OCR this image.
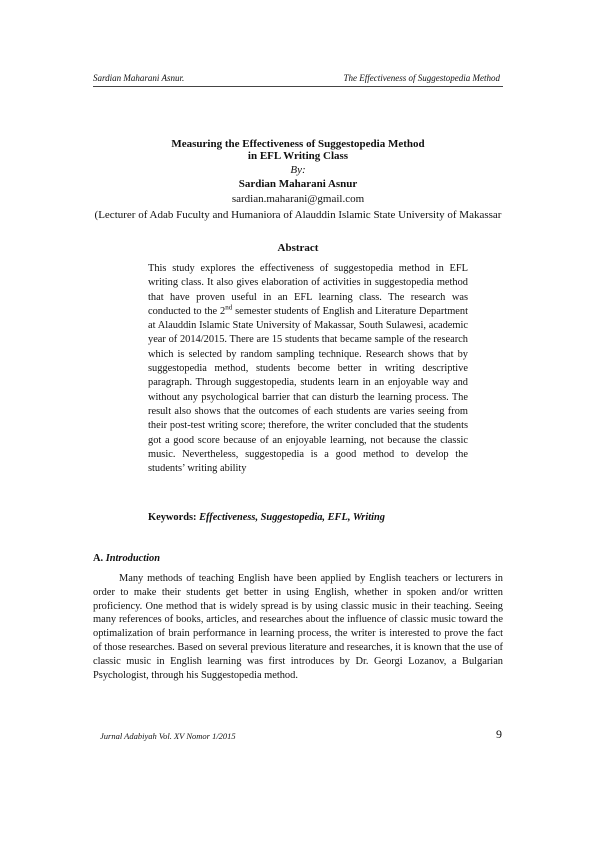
Sardian Maharani Asnur.	The Effectiveness of Suggestopedia Method
Measuring the Effectiveness of Suggestopedia Method
in EFL Writing Class
By:
Sardian Maharani Asnur
sardian.maharani@gmail.com
(Lecturer of Adab Fuculty and Humaniora of Alauddin Islamic State University of Makassar
Abstract
This study explores the effectiveness of suggestopedia method in EFL writing class. It also gives elaboration of activities in suggestopedia method that have proven useful in an EFL learning class. The research was conducted to the 2nd semester students of English and Literature Department at Alauddin Islamic State University of Makassar, South Sulawesi, academic year of 2014/2015. There are 15 students that became sample of the research which is selected by random sampling technique. Research shows that by suggestopedia method, students become better in writing descriptive paragraph. Through suggestopedia, students learn in an enjoyable way and without any psychological barrier that can disturb the learning process. The result also shows that the outcomes of each students are varies seeing from their post-test writing score; therefore, the writer concluded that the students got a good score because of an enjoyable learning, not because the classic music. Nevertheless, suggestopedia is a good method to develop the students’ writing ability
Keywords: Effectiveness, Suggestopedia, EFL, Writing
A. Introduction
Many methods of teaching English have been applied by English teachers or lecturers in order to make their students get better in using English, whether in spoken and/or written proficiency. One method that is widely spread is by using classic music in their teaching. Seeing many references of books, articles, and researches about the influence of classic music toward the optimalization of brain performance in learning process, the writer is interested to prove the fact of those researches. Based on several previous literature and researches, it is known that the use of classic music in English learning was first introduces by Dr. Georgi Lozanov, a Bulgarian Psychologist, through his Suggestopedia method.
Jurnal Adabiyah Vol. XV Nomor 1/2015	9
